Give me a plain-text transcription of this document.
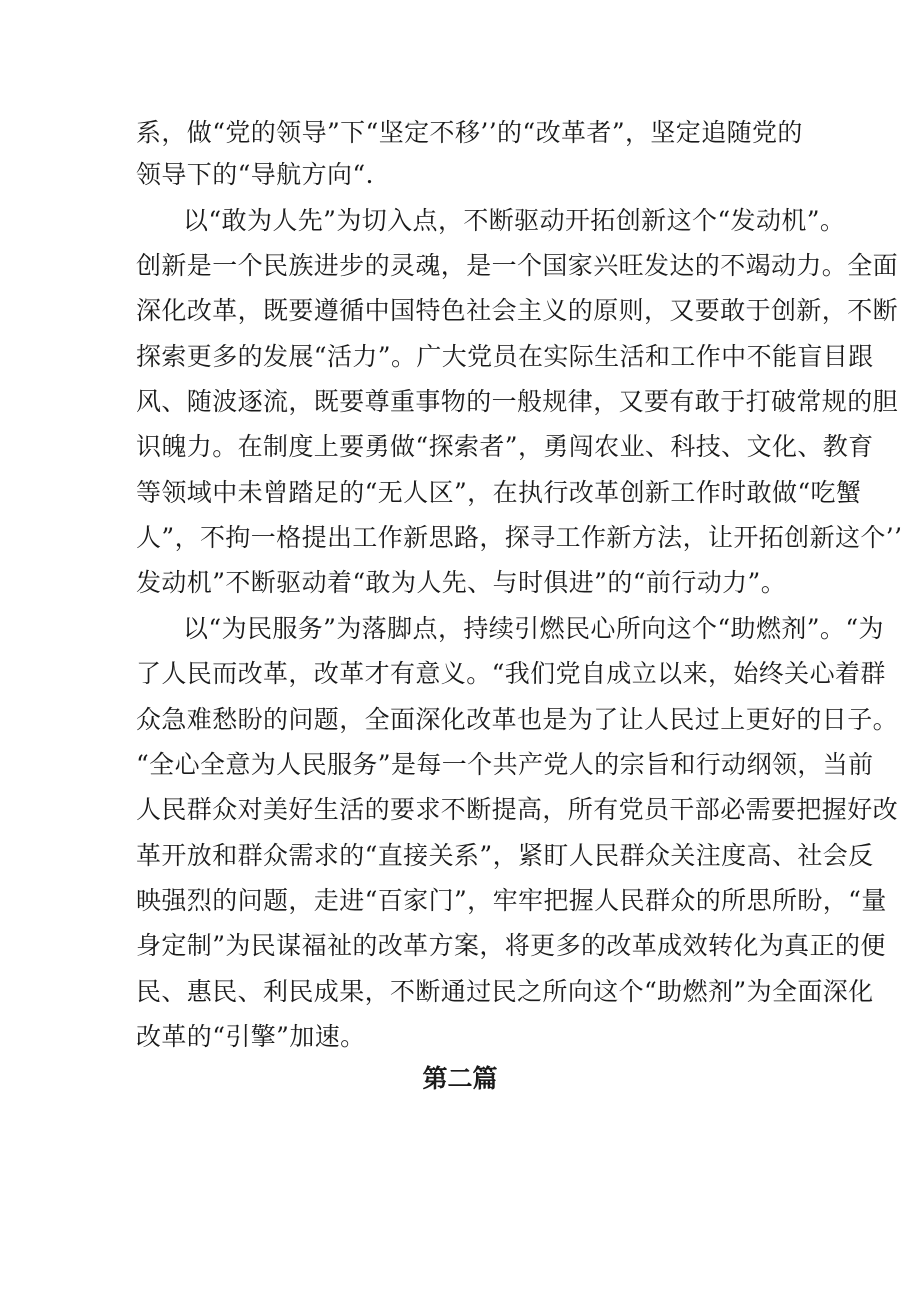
系，做“党的领导”下“坚定不移’’的“改革者”，坚定追随党的
领导下的“导航方向“.
以“敢为人先”为切入点，不断驱动开拓创新这个“发动机”。
创新是一个民族进步的灵魂，是一个国家兴旺发达的不竭动力。全面
深化改革，既要遵循中国特色社会主义的原则，又要敢于创新，不断
探索更多的发展“活力”。广大党员在实际生活和工作中不能盲目跟
风、随波逐流，既要尊重事物的一般规律，又要有敢于打破常规的胆
识魄力。在制度上要勇做“探索者”，勇闯农业、科技、文化、教育
等领域中未曾踏足的“无人区”，在执行改革创新工作时敢做“吃蟹
人”，不拘一格提出工作新思路，探寻工作新方法，让开拓创新这个’’
发动机”不断驱动着“敢为人先、与时俱进”的“前行动力”。
以“为民服务”为落脚点，持续引燃民心所向这个“助燃剂”。“为
了人民而改革，改革才有意义。“我们党自成立以来，始终关心着群
众急难愁盼的问题，全面深化改革也是为了让人民过上更好的日子。
“全心全意为人民服务”是每一个共产党人的宗旨和行动纲领，当前
人民群众对美好生活的要求不断提高，所有党员干部必需要把握好改
革开放和群众需求的“直接关系”，紧盯人民群众关注度高、社会反
映强烈的问题，走进“百家门”，牢牢把握人民群众的所思所盼，“量
身定制”为民谋福祉的改革方案，将更多的改革成效转化为真正的便
民、惠民、利民成果，不断通过民之所向这个“助燃剂”为全面深化
改革的“引擎”加速。
第二篇
